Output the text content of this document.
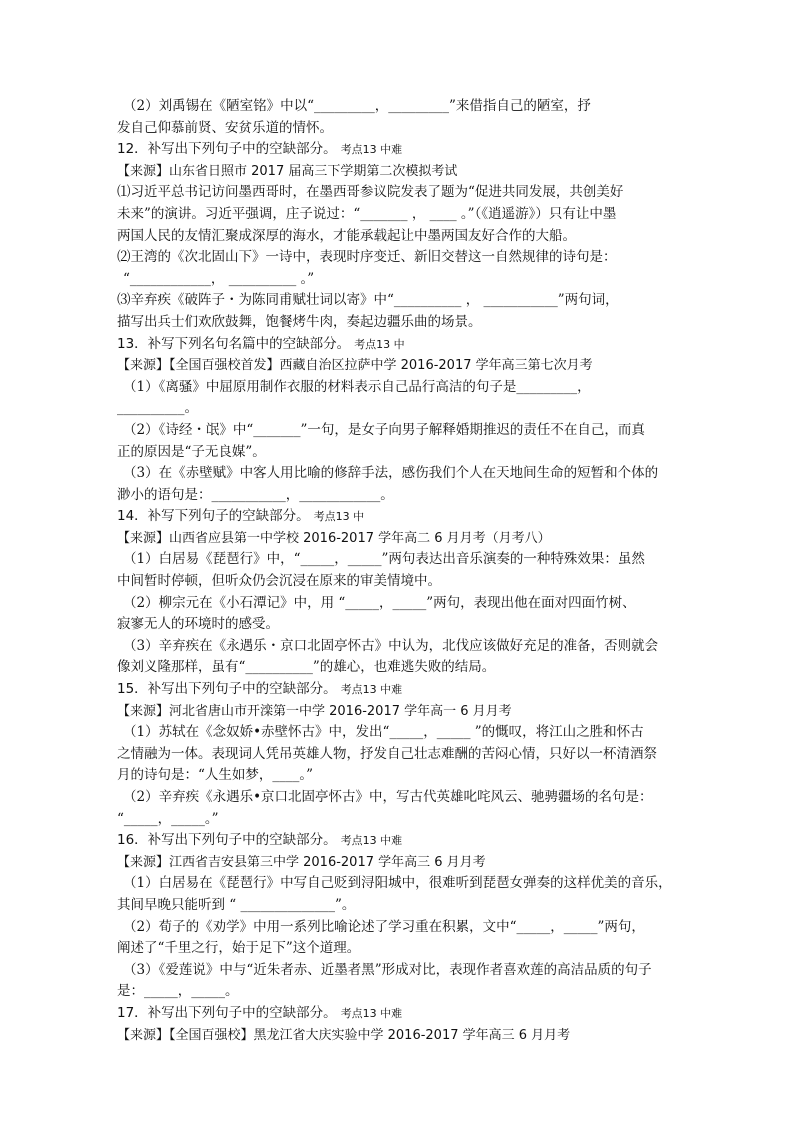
（2）刘禹锡在《陋室铭》中以“_________，_________”来借指自己的陋室，抒
发自己仰慕前贤、安贫乐道的情怀。
12．补写出下列句子中的空缺部分。 考点13 中难
【来源】山东省日照市 2017 届高三下学期第二次模拟考试
⑴习近平总书记访问墨西哥时，在墨西哥参议院发表了题为“促进共同发展，共创美好
未来”的演讲。习近平强调，庄子说过：“_______ ， ____ 。”（《逍遥游》）只有让中墨
两国人民的友情汇聚成深厚的海水，才能承载起让中墨两国友好合作的大船。
⑵王湾的《次北固山下》一诗中，表现时序变迁、新旧交替这一自然规律的诗句是：
“____________， __________ 。”
⑶辛弃疾《破阵子・为陈同甫赋壮词以寄》中“__________ ， ___________”两句词，
描写出兵士们欢欣鼓舞，饱餐烤牛肉，奏起边疆乐曲的场景。
13．补写下列名句名篇中的空缺部分。 考点13 中
【来源】【全国百强校首发】西藏自治区拉萨中学 2016-2017 学年高三第七次月考
（1）《离骚》中屈原用制作衣服的材料表示自己品行高洁的句子是_________，
__________。
（2）《诗经・氓》中“_______”一句，是女子向男子解释婚期推迟的责任不在自己，而真
正的原因是“子无良媒”。
（3）在《赤壁赋》中客人用比喻的修辞手法，感伤我们个人在天地间生命的短暂和个体的
渺小的语句是：___________，____________。
14．补写下列句子的空缺部分。 考点13 中
【来源】山西省应县第一中学校 2016-2017 学年高二 6 月月考（月考八）
（1）白居易《琵琶行》中，“_____，_____”两句表达出音乐演奏的一种特殊效果：虽然
中间暂时停顿，但听众仍会沉浸在原来的审美情境中。
（2）柳宗元在《小石潭记》中，用 “_____，_____”两句，表现出他在面对四面竹树、
寂寥无人的环境时的感受。
（3）辛弃疾在《永遇乐・京口北固亭怀古》中认为，北伐应该做好充足的准备，否则就会
像刘义隆那样，虽有“__________”的雄心，也难逃失败的结局。
15．补写出下列句子中的空缺部分。 考点13 中难
【来源】河北省唐山市开滦第一中学 2016-2017 学年高一 6 月月考
（1）苏轼在《念奴娇•赤壁怀古》中，发出“_____，_____ ”的慨叹，将江山之胜和怀古
之情融为一体。表现词人凭吊英雄人物，抒发自己壮志难酬的苦闷心情，只好以一杯清酒祭
月的诗句是：“人生如梦，____。”
（2）辛弃疾《永遇乐•京口北固亭怀古》中，写古代英雄叱咤风云、驰骋疆场的名句是：
“_____，_____。”
16．补写出下列句子中的空缺部分。 考点13 中难
【来源】江西省吉安县第三中学 2016-2017 学年高三 6 月月考
（1）白居易在《琵琶行》中写自己贬到浔阳城中，很难听到琵琶女弹奏的这样优美的音乐，
其间早晚只能听到 “ ______________”。
（2）荀子的《劝学》中用一系列比喻论述了学习重在积累，文中“_____，_____”两句，
阐述了“千里之行，始于足下”这个道理。
（3）《爱莲说》中与“近朱者赤、近墨者黑”形成对比，表现作者喜欢莲的高洁品质的句子
是：_____，_____。
17．补写出下列句子中的空缺部分。 考点13 中难
【来源】【全国百强校】黑龙江省大庆实验中学 2016-2017 学年高三 6 月月考
